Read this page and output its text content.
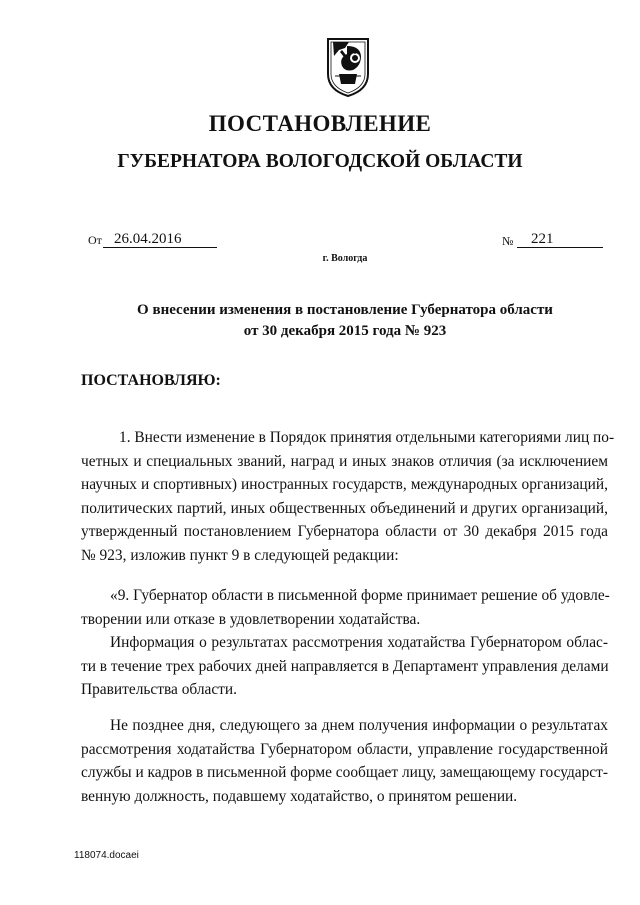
ПОСТАНОВЛЕНИЕ
ГУБЕРНАТОРА ВОЛОГОДСКОЙ ОБЛАСТИ
От 26.04.2016	№ 221
г. Вологда
О внесении изменения в постановление Губернатора области
от 30 декабря 2015 года № 923
ПОСТАНОВЛЯЮ:
1. Внести изменение в Порядок принятия отдельными категориями лиц по-
четных и специальных званий, наград и иных знаков отличия (за исключением
научных и спортивных) иностранных государств, международных организаций,
политических партий, иных общественных объединений и других организаций,
утвержденный постановлением Губернатора области от 30 декабря 2015 года
№ 923, изложив пункт 9 в следующей редакции:
«9. Губернатор области в письменной форме принимает решение об удовле-
творении или отказе в удовлетворении ходатайства.
Информация о результатах рассмотрения ходатайства Губернатором облас-
ти в течение трех рабочих дней направляется в Департамент управления делами
Правительства области.
Не позднее дня, следующего за днем получения информации о результатах
рассмотрения ходатайства Губернатором области, управление государственной
службы и кадров в письменной форме сообщает лицу, замещающему государст-
венную должность, подавшему ходатайство, о принятом решении.
118074.docaei
